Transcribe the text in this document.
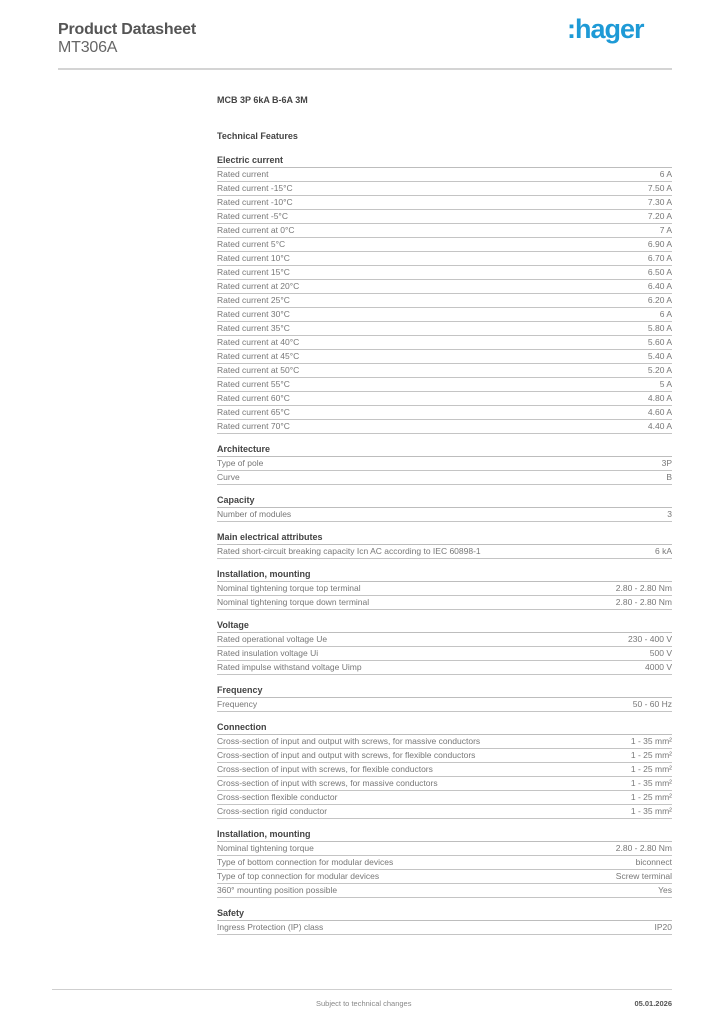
Product Datasheet
MT306A
:hager
MCB 3P 6kA B-6A 3M
Technical Features
Electric current
Rated current	6 A
Rated current -15°C	7.50 A
Rated current -10°C	7.30 A
Rated current -5°C	7.20 A
Rated current at 0°C	7 A
Rated current 5°C	6.90 A
Rated current 10°C	6.70 A
Rated current 15°C	6.50 A
Rated current at 20°C	6.40 A
Rated current 25°C	6.20 A
Rated current 30°C	6 A
Rated current 35°C	5.80 A
Rated current at 40°C	5.60 A
Rated current at 45°C	5.40 A
Rated current at 50°C	5.20 A
Rated current 55°C	5 A
Rated current 60°C	4.80 A
Rated current 65°C	4.60 A
Rated current 70°C	4.40 A
Architecture
Type of pole	3P
Curve	B
Capacity
Number of modules	3
Main electrical attributes
Rated short-circuit breaking capacity Icn AC according to IEC 60898-1	6 kA
Installation, mounting
Nominal tightening torque top terminal	2.80 - 2.80 Nm
Nominal tightening torque down terminal	2.80 - 2.80 Nm
Voltage
Rated operational voltage Ue	230 - 400 V
Rated insulation voltage Ui	500 V
Rated impulse withstand voltage Uimp	4000 V
Frequency
Frequency	50 - 60 Hz
Connection
Cross-section of input and output with screws, for massive conductors	1 - 35 mm²
Cross-section of input and output with screws, for flexible conductors	1 - 25 mm²
Cross-section of input with screws, for flexible conductors	1 - 25 mm²
Cross-section of input with screws, for massive conductors	1 - 35 mm²
Cross-section flexible conductor	1 - 25 mm²
Cross-section rigid conductor	1 - 35 mm²
Installation, mounting
Nominal tightening torque	2.80 - 2.80 Nm
Type of bottom connection for modular devices	biconnect
Type of top connection for modular devices	Screw terminal
360° mounting position possible	Yes
Safety
Ingress Protection (IP) class	IP20
Subject to technical changes	05.01.2026
